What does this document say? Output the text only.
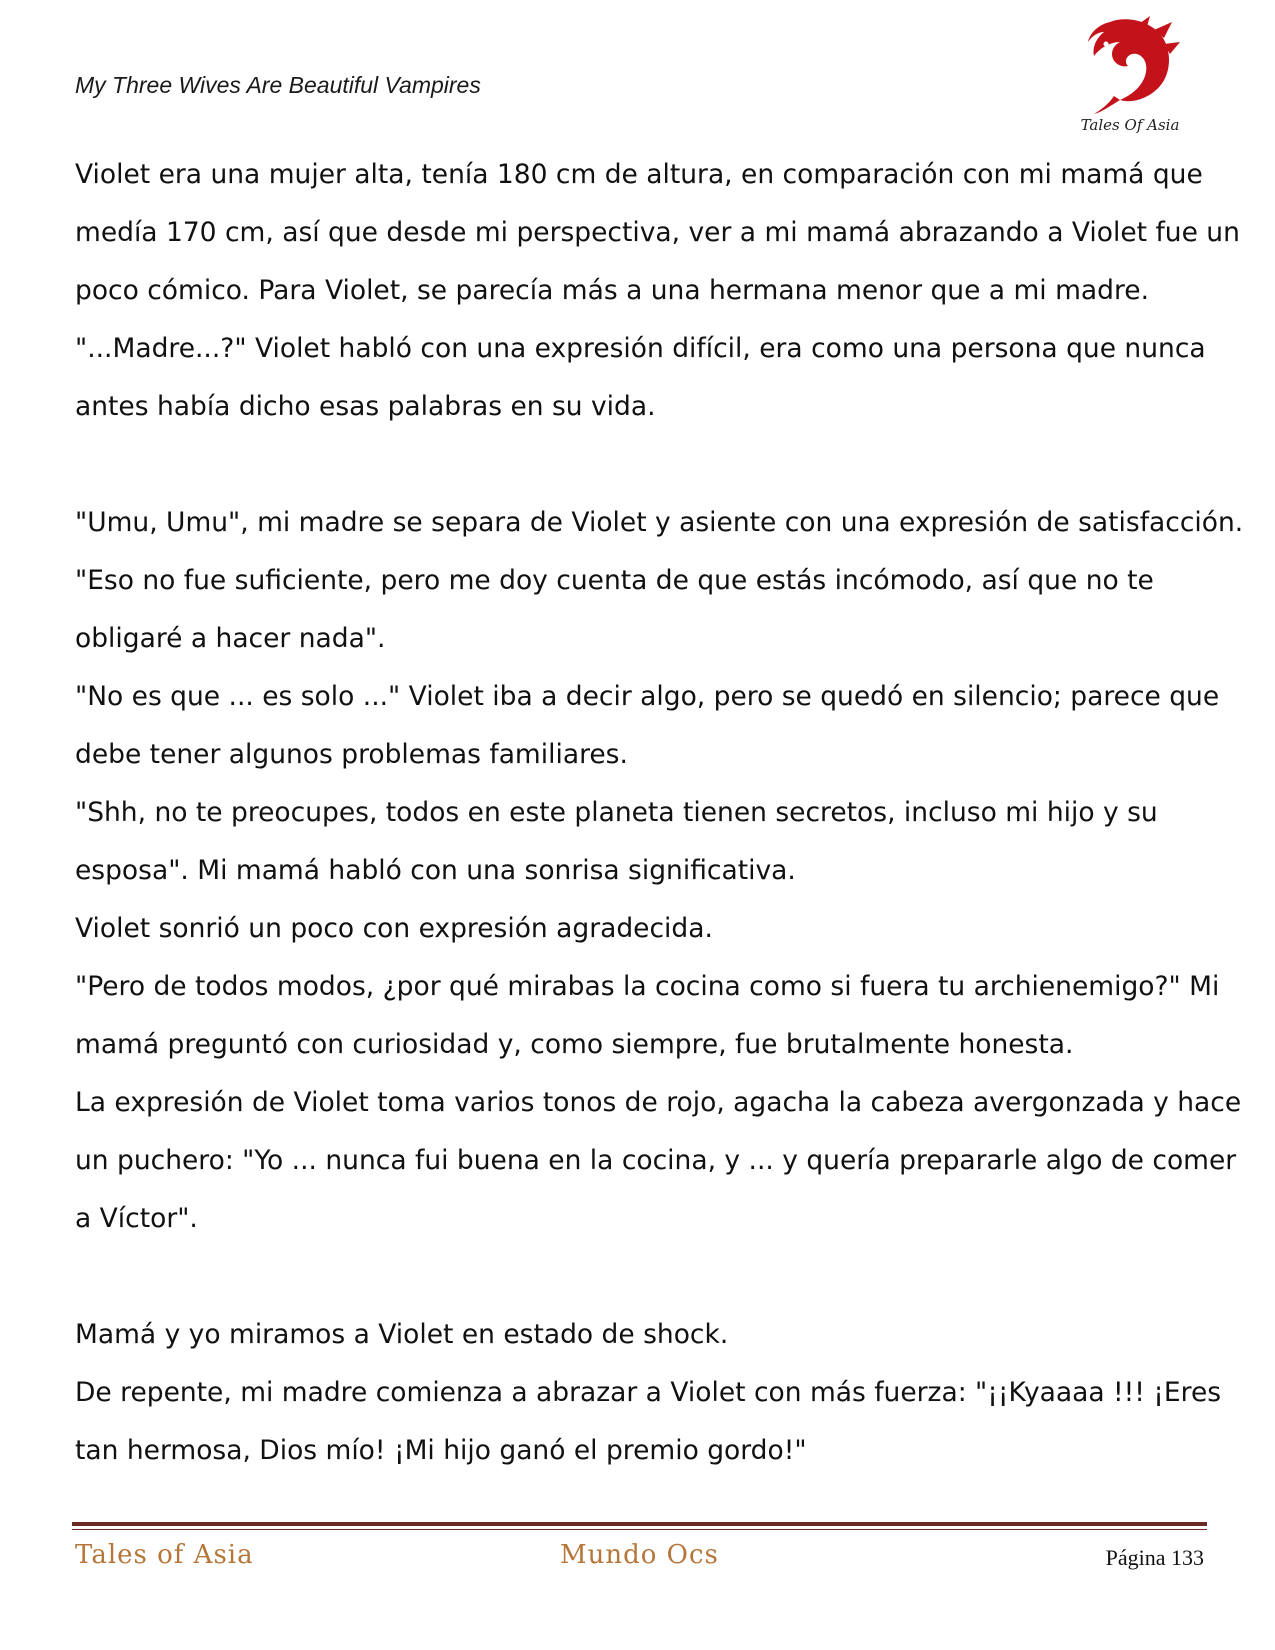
My Three Wives Are Beautiful Vampires
Tales Of Asia

Violet era una mujer alta, tenía 180 cm de altura, en comparación con mi mamá que

medía 170 cm, así que desde mi perspectiva, ver a mi mamá abrazando a Violet fue un

poco cómico. Para Violet, se parecía más a una hermana menor que a mi madre.

"...Madre...?" Violet habló con una expresión difícil, era como una persona que nunca

antes había dicho esas palabras en su vida.

"Umu, Umu", mi madre se separa de Violet y asiente con una expresión de satisfacción.

"Eso no fue suficiente, pero me doy cuenta de que estás incómodo, así que no te

obligaré a hacer nada".

"No es que ... es solo ..." Violet iba a decir algo, pero se quedó en silencio; parece que

debe tener algunos problemas familiares.

"Shh, no te preocupes, todos en este planeta tienen secretos, incluso mi hijo y su

esposa". Mi mamá habló con una sonrisa significativa.

Violet sonrió un poco con expresión agradecida.

"Pero de todos modos, ¿por qué mirabas la cocina como si fuera tu archienemigo?" Mi

mamá preguntó con curiosidad y, como siempre, fue brutalmente honesta.

La expresión de Violet toma varios tonos de rojo, agacha la cabeza avergonzada y hace

un puchero: "Yo ... nunca fui buena en la cocina, y ... y quería prepararle algo de comer

a Víctor".

Mamá y yo miramos a Violet en estado de shock.

De repente, mi madre comienza a abrazar a Violet con más fuerza: "¡¡Kyaaaa !!! ¡Eres

tan hermosa, Dios mío! ¡Mi hijo ganó el premio gordo!"

Tales of Asia	Mundo Ocs	Página 133
